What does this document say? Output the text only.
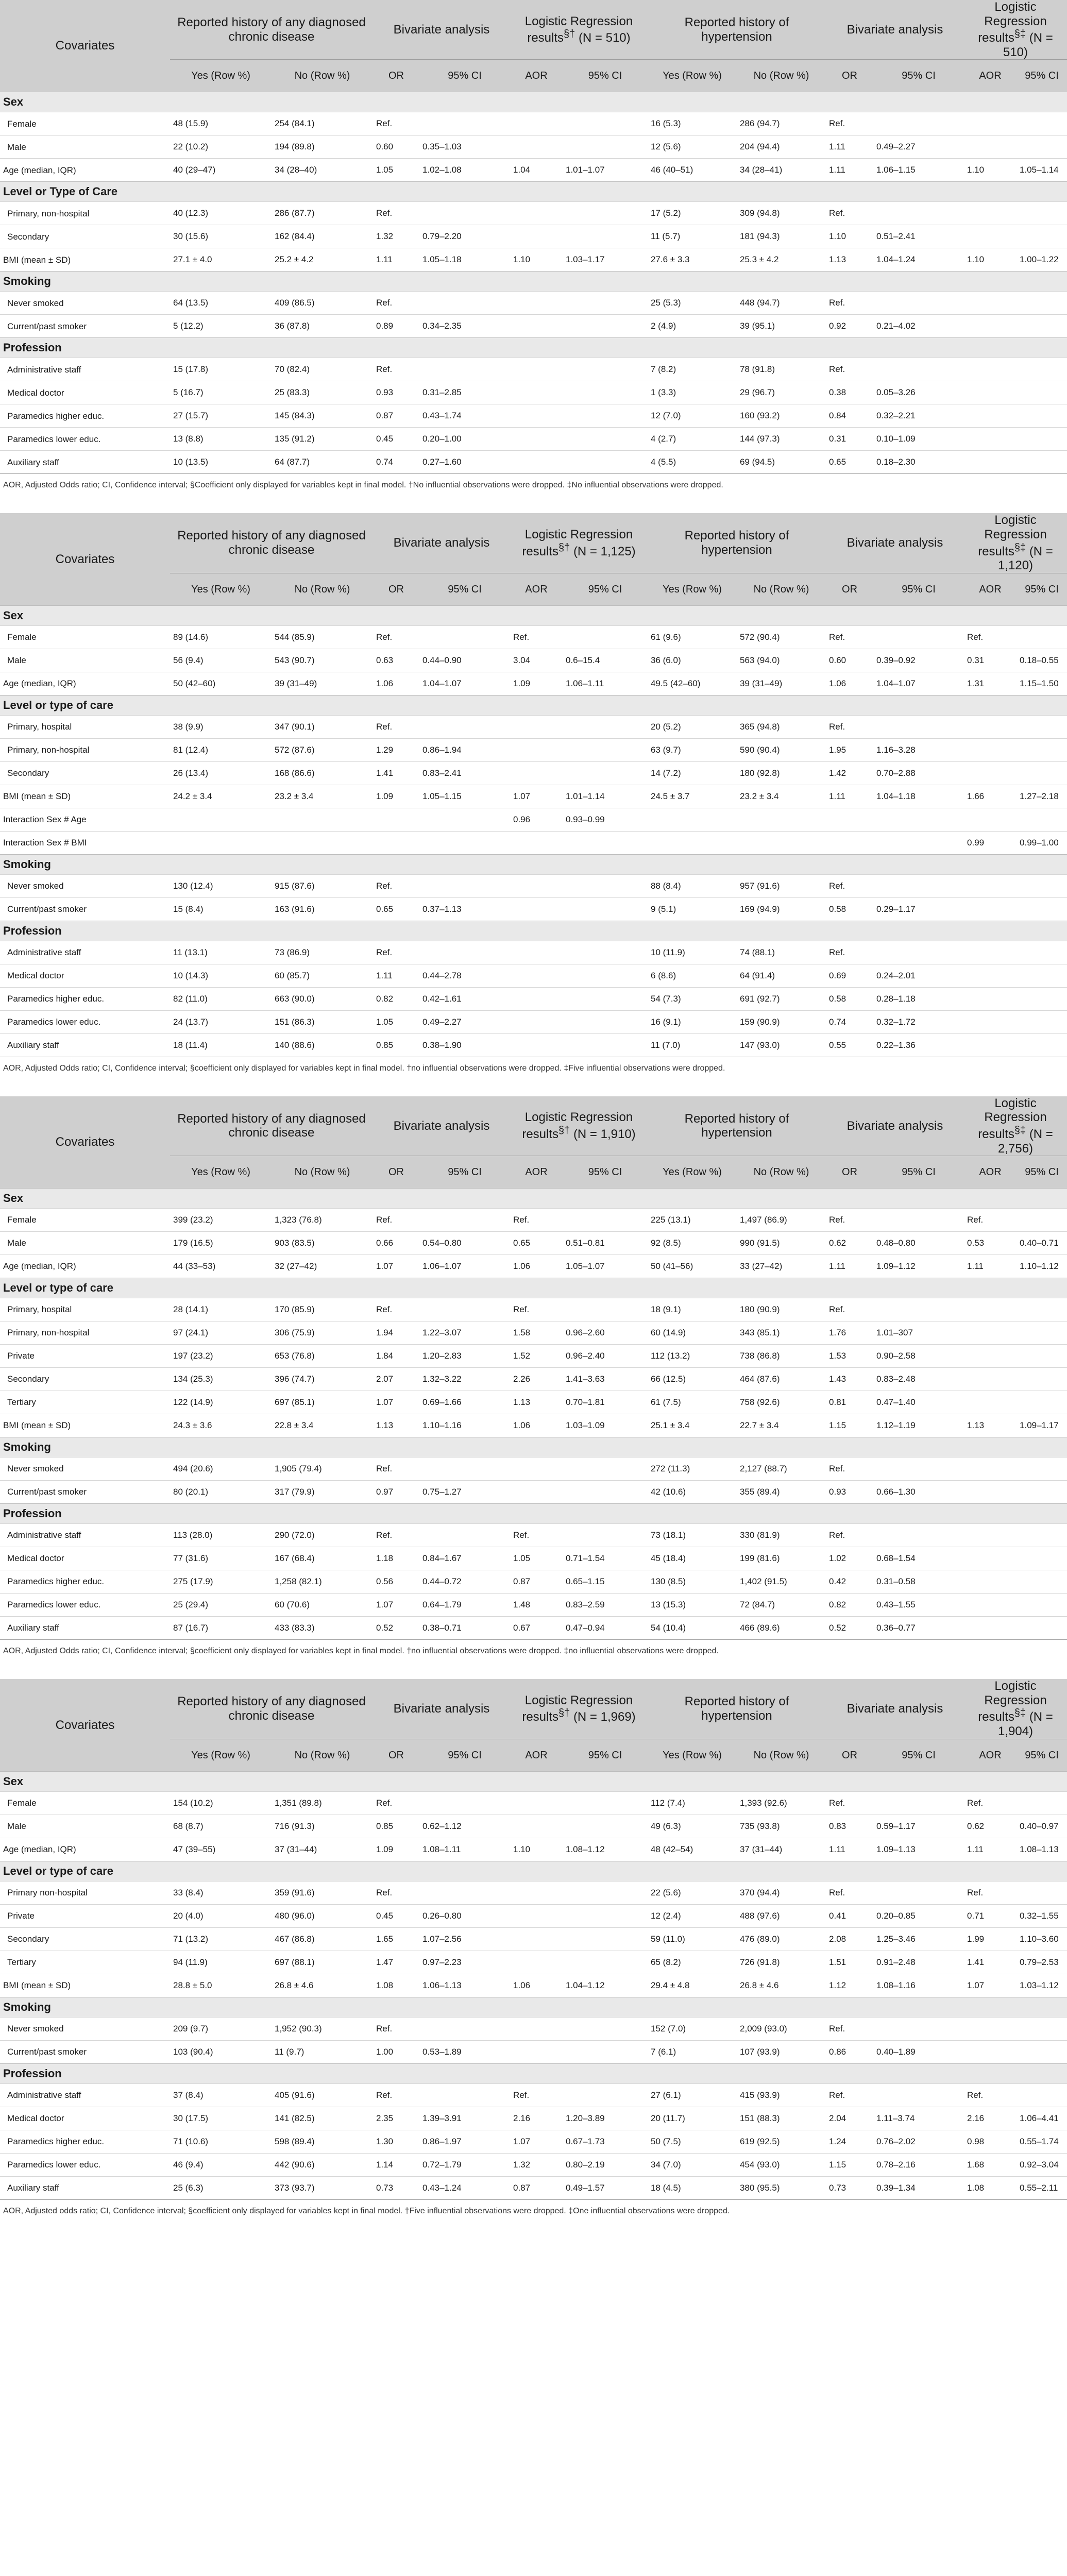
Covariates	Reported history of any diagnosed chronic disease		Bivariate analysis		Logistic Regression results§† (N = 510)		Reported history of hypertension		Bivariate analysis		Logistic Regression results§‡ (N = 510)	
	Yes (Row %)	No (Row %)	OR	95% CI	AOR	95% CI	Yes (Row %)	No (Row %)	OR	95% CI	AOR	95% CI
Sex												
Female	48 (15.9)	254 (84.1)	Ref.				16 (5.3)	286 (94.7)	Ref.			
Male	22 (10.2)	194 (89.8)	0.60	0.35–1.03			12 (5.6)	204 (94.4)	1.11	0.49–2.27		
Age (median, IQR)	40 (29–47)	34 (28–40)	1.05	1.02–1.08	1.04	1.01–1.07	46 (40–51)	34 (28–41)	1.11	1.06–1.15	1.10	1.05–1.14
Level or Type of Care												
Primary, non-hospital	40 (12.3)	286 (87.7)	Ref.				17 (5.2)	309 (94.8)	Ref.			
Secondary	30 (15.6)	162 (84.4)	1.32	0.79–2.20			11 (5.7)	181 (94.3)	1.10	0.51–2.41		
BMI (mean ± SD)	27.1 ± 4.0	25.2 ± 4.2	1.11	1.05–1.18	1.10	1.03–1.17	27.6 ± 3.3	25.3 ± 4.2	1.13	1.04–1.24	1.10	1.00–1.22
Smoking												
Never smoked	64 (13.5)	409 (86.5)	Ref.				25 (5.3)	448 (94.7)	Ref.			
Current/past smoker	5 (12.2)	36 (87.8)	0.89	0.34–2.35			2 (4.9)	39 (95.1)	0.92	0.21–4.02		
Profession												
Administrative staff	15 (17.8)	70 (82.4)	Ref.				7 (8.2)	78 (91.8)	Ref.			
Medical doctor	5 (16.7)	25 (83.3)	0.93	0.31–2.85			1 (3.3)	29 (96.7)	0.38	0.05–3.26		
Paramedics higher educ.	27 (15.7)	145 (84.3)	0.87	0.43–1.74			12 (7.0)	160 (93.2)	0.84	0.32–2.21		
Paramedics lower educ.	13 (8.8)	135 (91.2)	0.45	0.20–1.00			4 (2.7)	144 (97.3)	0.31	0.10–1.09		
Auxiliary staff	10 (13.5)	64 (87.7)	0.74	0.27–1.60			4 (5.5)	69 (94.5)	0.65	0.18–2.30		
AOR, Adjusted Odds ratio; CI, Confidence interval; §Coefficient only displayed for variables kept in final model. †No influential observations were dropped. ‡No influential observations were dropped.												
Covariates	Reported history of any diagnosed chronic disease		Bivariate analysis		Logistic Regression results§† (N = 1,125)		Reported history of hypertension		Bivariate analysis		Logistic Regression results§‡ (N = 1,120)	
	Yes (Row %)	No (Row %)	OR	95% CI	AOR	95% CI	Yes (Row %)	No (Row %)	OR	95% CI	AOR	95% CI
Sex												
Female	89 (14.6)	544 (85.9)	Ref.		Ref.		61 (9.6)	572 (90.4)	Ref.		Ref.	
Male	56 (9.4)	543 (90.7)	0.63	0.44–0.90	3.04	0.6–15.4	36 (6.0)	563 (94.0)	0.60	0.39–0.92	0.31	0.18–0.55
Age (median, IQR)	50 (42–60)	39 (31–49)	1.06	1.04–1.07	1.09	1.06–1.11	49.5 (42–60)	39 (31–49)	1.06	1.04–1.07	1.31	1.15–1.50
Level or type of care												
Primary, hospital	38 (9.9)	347 (90.1)	Ref.				20 (5.2)	365 (94.8)	Ref.			
Primary, non-hospital	81 (12.4)	572 (87.6)	1.29	0.86–1.94			63 (9.7)	590 (90.4)	1.95	1.16–3.28		
Secondary	26 (13.4)	168 (86.6)	1.41	0.83–2.41			14 (7.2)	180 (92.8)	1.42	0.70–2.88		
BMI (mean ± SD)	24.2 ± 3.4	23.2 ± 3.4	1.09	1.05–1.15	1.07	1.01–1.14	24.5 ± 3.7	23.2 ± 3.4	1.11	1.04–1.18	1.66	1.27–2.18
Interaction Sex # Age					0.96	0.93–0.99						
Interaction Sex # BMI											0.99	0.99–1.00
Smoking												
Never smoked	130 (12.4)	915 (87.6)	Ref.				88 (8.4)	957 (91.6)	Ref.			
Current/past smoker	15 (8.4)	163 (91.6)	0.65	0.37–1.13			9 (5.1)	169 (94.9)	0.58	0.29–1.17		
Profession												
Administrative staff	11 (13.1)	73 (86.9)	Ref.				10 (11.9)	74 (88.1)	Ref.			
Medical doctor	10 (14.3)	60 (85.7)	1.11	0.44–2.78			6 (8.6)	64 (91.4)	0.69	0.24–2.01		
Paramedics higher educ.	82 (11.0)	663 (90.0)	0.82	0.42–1.61			54 (7.3)	691 (92.7)	0.58	0.28–1.18		
Paramedics lower educ.	24 (13.7)	151 (86.3)	1.05	0.49–2.27			16 (9.1)	159 (90.9)	0.74	0.32–1.72		
Auxiliary staff	18 (11.4)	140 (88.6)	0.85	0.38–1.90			11 (7.0)	147 (93.0)	0.55	0.22–1.36		
AOR, Adjusted Odds ratio; CI, Confidence interval; §coefficient only displayed for variables kept in final model. †no influential observations were dropped. ‡Five influential observations were dropped.												
Covariates	Reported history of any diagnosed chronic disease		Bivariate analysis		Logistic Regression results§† (N = 1,910)		Reported history of hypertension		Bivariate analysis		Logistic Regression results§‡ (N = 2,756)	
	Yes (Row %)	No (Row %)	OR	95% CI	AOR	95% CI	Yes (Row %)	No (Row %)	OR	95% CI	AOR	95% CI
Sex												
Female	399 (23.2)	1,323 (76.8)	Ref.		Ref.		225 (13.1)	1,497 (86.9)	Ref.		Ref.	
Male	179 (16.5)	903 (83.5)	0.66	0.54–0.80	0.65	0.51–0.81	92 (8.5)	990 (91.5)	0.62	0.48–0.80	0.53	0.40–0.71
Age (median, IQR)	44 (33–53)	32 (27–42)	1.07	1.06–1.07	1.06	1.05–1.07	50 (41–56)	33 (27–42)	1.11	1.09–1.12	1.11	1.10–1.12
Level or type of care												
Primary, hospital	28 (14.1)	170 (85.9)	Ref.		Ref.		18 (9.1)	180 (90.9)	Ref.			
Primary, non-hospital	97 (24.1)	306 (75.9)	1.94	1.22–3.07	1.58	0.96–2.60	60 (14.9)	343 (85.1)	1.76	1.01–307		
Private	197 (23.2)	653 (76.8)	1.84	1.20–2.83	1.52	0.96–2.40	112 (13.2)	738 (86.8)	1.53	0.90–2.58		
Secondary	134 (25.3)	396 (74.7)	2.07	1.32–3.22	2.26	1.41–3.63	66 (12.5)	464 (87.6)	1.43	0.83–2.48		
Tertiary	122 (14.9)	697 (85.1)	1.07	0.69–1.66	1.13	0.70–1.81	61 (7.5)	758 (92.6)	0.81	0.47–1.40		
BMI (mean ± SD)	24.3 ± 3.6	22.8 ± 3.4	1.13	1.10–1.16	1.06	1.03–1.09	25.1 ± 3.4	22.7 ± 3.4	1.15	1.12–1.19	1.13	1.09–1.17
Smoking												
Never smoked	494 (20.6)	1,905 (79.4)	Ref.				272 (11.3)	2,127 (88.7)	Ref.			
Current/past smoker	80 (20.1)	317 (79.9)	0.97	0.75–1.27			42 (10.6)	355 (89.4)	0.93	0.66–1.30		
Profession												
Administrative staff	113 (28.0)	290 (72.0)	Ref.		Ref.		73 (18.1)	330 (81.9)	Ref.			
Medical doctor	77 (31.6)	167 (68.4)	1.18	0.84–1.67	1.05	0.71–1.54	45 (18.4)	199 (81.6)	1.02	0.68–1.54		
Paramedics higher educ.	275 (17.9)	1,258 (82.1)	0.56	0.44–0.72	0.87	0.65–1.15	130 (8.5)	1,402 (91.5)	0.42	0.31–0.58		
Paramedics lower educ.	25 (29.4)	60 (70.6)	1.07	0.64–1.79	1.48	0.83–2.59	13 (15.3)	72 (84.7)	0.82	0.43–1.55		
Auxiliary staff	87 (16.7)	433 (83.3)	0.52	0.38–0.71	0.67	0.47–0.94	54 (10.4)	466 (89.6)	0.52	0.36–0.77		
AOR, Adjusted Odds ratio; CI, Confidence interval; §coefficient only displayed for variables kept in final model. †no influential observations were dropped. ‡no influential observations were dropped.												
Covariates	Reported history of any diagnosed chronic disease		Bivariate analysis		Logistic Regression results§† (N = 1,969)		Reported history of hypertension		Bivariate analysis		Logistic Regression results§‡ (N = 1,904)	
	Yes (Row %)	No (Row %)	OR	95% CI	AOR	95% CI	Yes (Row %)	No (Row %)	OR	95% CI	AOR	95% CI
Sex												
Female	154 (10.2)	1,351 (89.8)	Ref.				112 (7.4)	1,393 (92.6)	Ref.		Ref.	
Male	68 (8.7)	716 (91.3)	0.85	0.62–1.12			49 (6.3)	735 (93.8)	0.83	0.59–1.17	0.62	0.40–0.97
Age (median, IQR)	47 (39–55)	37 (31–44)	1.09	1.08–1.11	1.10	1.08–1.12	48 (42–54)	37 (31–44)	1.11	1.09–1.13	1.11	1.08–1.13
Level or type of care												
Primary non-hospital	33 (8.4)	359 (91.6)	Ref.				22 (5.6)	370 (94.4)	Ref.		Ref.	
Private	20 (4.0)	480 (96.0)	0.45	0.26–0.80			12 (2.4)	488 (97.6)	0.41	0.20–0.85	0.71	0.32–1.55
Secondary	71 (13.2)	467 (86.8)	1.65	1.07–2.56			59 (11.0)	476 (89.0)	2.08	1.25–3.46	1.99	1.10–3.60
Tertiary	94 (11.9)	697 (88.1)	1.47	0.97–2.23			65 (8.2)	726 (91.8)	1.51	0.91–2.48	1.41	0.79–2.53
BMI (mean ± SD)	28.8 ± 5.0	26.8 ± 4.6	1.08	1.06–1.13	1.06	1.04–1.12	29.4 ± 4.8	26.8 ± 4.6	1.12	1.08–1.16	1.07	1.03–1.12
Smoking												
Never smoked	209 (9.7)	1,952 (90.3)	Ref.				152 (7.0)	2,009 (93.0)	Ref.			
Current/past smoker	103 (90.4)	11 (9.7)	1.00	0.53–1.89			7 (6.1)	107 (93.9)	0.86	0.40–1.89		
Profession												
Administrative staff	37 (8.4)	405 (91.6)	Ref.		Ref.		27 (6.1)	415 (93.9)	Ref.		Ref.	
Medical doctor	30 (17.5)	141 (82.5)	2.35	1.39–3.91	2.16	1.20–3.89	20 (11.7)	151 (88.3)	2.04	1.11–3.74	2.16	1.06–4.41
Paramedics higher educ.	71 (10.6)	598 (89.4)	1.30	0.86–1.97	1.07	0.67–1.73	50 (7.5)	619 (92.5)	1.24	0.76–2.02	0.98	0.55–1.74
Paramedics lower educ.	46 (9.4)	442 (90.6)	1.14	0.72–1.79	1.32	0.80–2.19	34 (7.0)	454 (93.0)	1.15	0.78–2.16	1.68	0.92–3.04
Auxiliary staff	25 (6.3)	373 (93.7)	0.73	0.43–1.24	0.87	0.49–1.57	18 (4.5)	380 (95.5)	0.73	0.39–1.34	1.08	0.55–2.11
AOR, Adjusted odds ratio; CI, Confidence interval; §coefficient only displayed for variables kept in final model. †Five influential observations were dropped. ‡One influential observations were dropped.												
